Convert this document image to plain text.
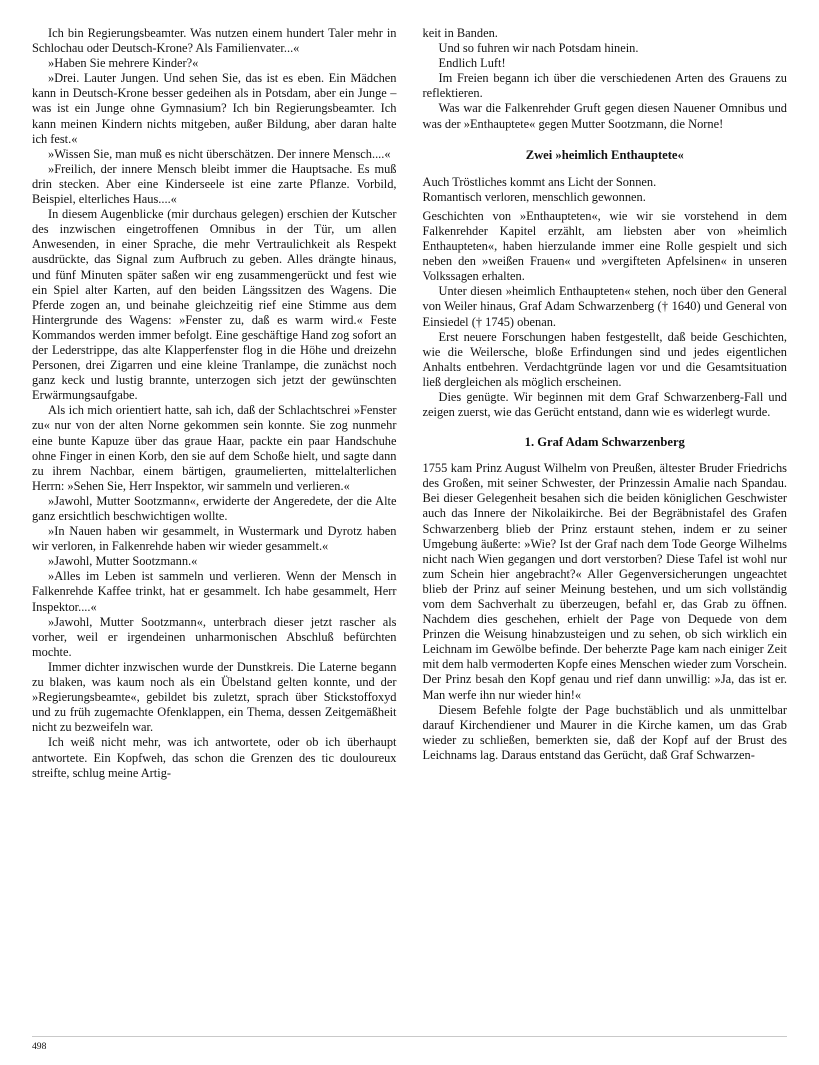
Ich bin Regierungsbeamter. Was nutzen einem hundert Taler mehr in Schlochau oder Deutsch-Krone? Als Familienvater...«

»Haben Sie mehrere Kinder?«

»Drei. Lauter Jungen. Und sehen Sie, das ist es eben. Ein Mädchen kann in Deutsch-Krone besser gedeihen als in Potsdam, aber ein Junge – was ist ein Junge ohne Gymnasium? Ich bin Regierungsbeamter. Ich kann meinen Kindern nichts mitgeben, außer Bildung, aber daran halte ich fest.«

»Wissen Sie, man muß es nicht überschätzen. Der innere Mensch....«

»Freilich, der innere Mensch bleibt immer die Hauptsache. Es muß drin stecken. Aber eine Kinderseele ist eine zarte Pflanze. Vorbild, Beispiel, elterliches Haus....«

In diesem Augenblicke (mir durchaus gelegen) erschien der Kutscher des inzwischen eingetroffenen Omnibus in der Tür, um allen Anwesenden, in einer Sprache, die mehr Vertraulichkeit als Respekt ausdrückte, das Signal zum Aufbruch zu geben. Alles drängte hinaus, und fünf Minuten später saßen wir eng zusammengerückt und fest wie ein Spiel alter Karten, auf den beiden Längssitzen des Wagens. Die Pferde zogen an, und beinahe gleichzeitig rief eine Stimme aus dem Hintergrunde des Wagens: »Fenster zu, daß es warm wird.« Feste Kommandos werden immer befolgt. Eine geschäftige Hand zog sofort an der Lederstrippe, das alte Klapperfenster flog in die Höhe und dreizehn Personen, drei Zigarren und eine kleine Tranlampe, die zunächst noch ganz keck und lustig brannte, unterzogen sich jetzt der gewünschten Erwärmungsaufgabe.

Als ich mich orientiert hatte, sah ich, daß der Schlachtschrei »Fenster zu« nur von der alten Norne gekommen sein konnte. Sie zog nunmehr eine bunte Kapuze über das graue Haar, packte ein paar Handschuhe ohne Finger in einen Korb, den sie auf dem Schoße hielt, und sagte dann zu ihrem Nachbar, einem bärtigen, graumelierten, mittelalterlichen Herrn: »Sehen Sie, Herr Inspektor, wir sammeln und verlieren.«

»Jawohl, Mutter Sootzmann«, erwiderte der Angeredete, der die Alte ganz ersichtlich beschwichtigen wollte.

»In Nauen haben wir gesammelt, in Wustermark und Dyrotz haben wir verloren, in Falkenrehde haben wir wieder gesammelt.«

»Jawohl, Mutter Sootzmann.«

»Alles im Leben ist sammeln und verlieren. Wenn der Mensch in Falkenrehde Kaffee trinkt, hat er gesammelt. Ich habe gesammelt, Herr Inspektor....«

»Jawohl, Mutter Sootzmann«, unterbrach dieser jetzt rascher als vorher, weil er irgendeinen unharmonischen Abschluß befürchten mochte.

Immer dichter inzwischen wurde der Dunstkreis. Die Laterne begann zu blaken, was kaum noch als ein Übelstand gelten konnte, und der »Regierungsbeamte«, gebildet bis zuletzt, sprach über Stickstoffoxyd und zu früh zugemachte Ofenklappen, ein Thema, dessen Zeitgemäßheit nicht zu bezweifeln war.

Ich weiß nicht mehr, was ich antwortete, oder ob ich überhaupt antwortete. Ein Kopfweh, das schon die Grenzen des tic douloureux streifte, schlug meine Artig-

keit in Banden.

Und so fuhren wir nach Potsdam hinein.

Endlich Luft!

Im Freien begann ich über die verschiedenen Arten des Grauens zu reflektieren.

Was war die Falkenrehder Gruft gegen diesen Nauener Omnibus und was der »Enthauptete« gegen Mutter Sootzmann, die Norne!

Zwei »heimlich Enthauptete«

Auch Tröstliches kommt ans Licht der Sonnen.

Romantisch verloren, menschlich gewonnen.

Geschichten von »Enthaupteten«, wie wir sie vorstehend in dem Falkenrehder Kapitel erzählt, am liebsten aber von »heimlich Enthaupteten«, haben hierzulande immer eine Rolle gespielt und sich neben den »weißen Frauen« und »vergifteten Apfelsinen« in unseren Volkssagen erhalten.

Unter diesen »heimlich Enthaupteten« stehen, noch über den General von Weiler hinaus, Graf Adam Schwarzenberg († 1640) und General von Einsiedel († 1745) obenan.

Erst neuere Forschungen haben festgestellt, daß beide Geschichten, wie die Weilersche, bloße Erfindungen sind und jedes eigentlichen Anhalts entbehren. Verdachtgründe lagen vor und die Gesamtsituation ließ dergleichen als möglich erscheinen.

Dies genügte. Wir beginnen mit dem Graf Schwarzenberg-Fall und zeigen zuerst, wie das Gerücht entstand, dann wie es widerlegt wurde.

1. Graf Adam Schwarzenberg

1755 kam Prinz August Wilhelm von Preußen, ältester Bruder Friedrichs des Großen, mit seiner Schwester, der Prinzessin Amalie nach Spandau. Bei dieser Gelegenheit besahen sich die beiden königlichen Geschwister auch das Innere der Nikolaikirche. Bei der Begräbnistafel des Grafen Schwarzenberg blieb der Prinz erstaunt stehen, indem er zu seiner Umgebung äußerte: »Wie? Ist der Graf nach dem Tode George Wilhelms nicht nach Wien gegangen und dort verstorben? Diese Tafel ist wohl nur zum Schein hier angebracht?« Aller Gegenversicherungen ungeachtet blieb der Prinz auf seiner Meinung bestehen, und um sich vollständig vom dem Sachverhalt zu überzeugen, befahl er, das Grab zu öffnen. Nachdem dies geschehen, erhielt der Page von Dequede von dem Prinzen die Weisung hinabzusteigen und zu sehen, ob sich wirklich ein Leichnam im Gewölbe befinde. Der beherzte Page kam nach einiger Zeit mit dem halb vermoderten Kopfe eines Menschen wieder zum Vorschein. Der Prinz besah den Kopf genau und rief dann unwillig: »Ja, das ist er. Man werfe ihn nur wieder hin!«

Diesem Befehle folgte der Page buchstäblich und als unmittelbar darauf Kirchendiener und Maurer in die Kirche kamen, um das Grab wieder zu schließen, bemerkten sie, daß der Kopf auf der Brust des Leichnams lag. Daraus entstand das Gerücht, daß Graf Schwarzen-

498
